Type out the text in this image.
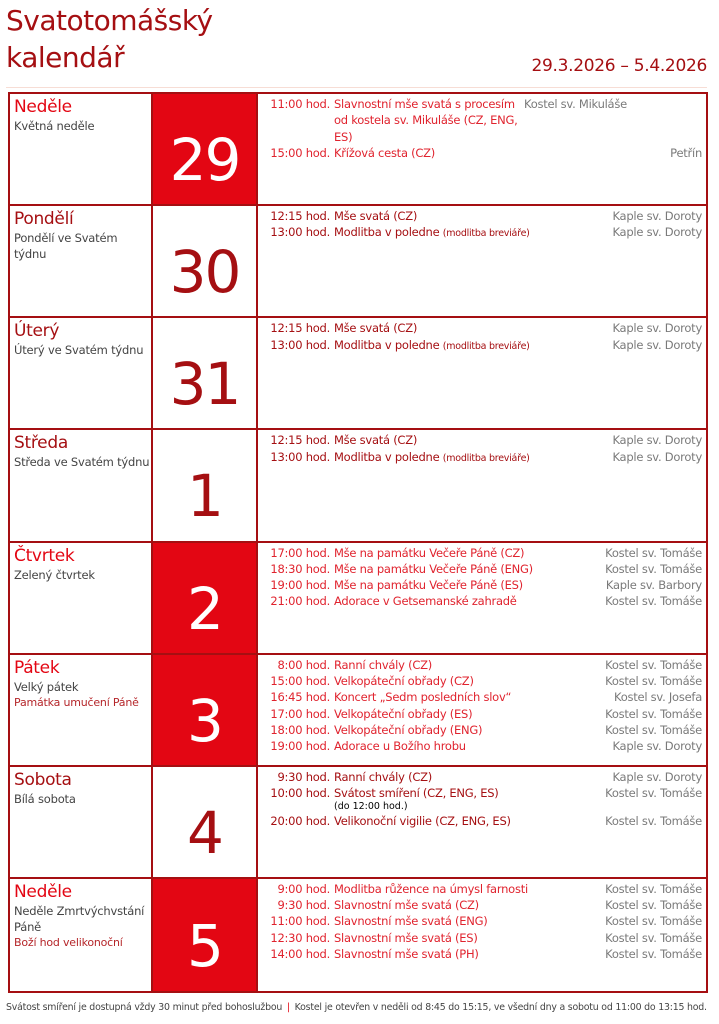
Svatotomášský
kalendář	29.3.2026 – 5.4.2026
Neděle
Květná neděle
29
11:00 hod. Slavnostní mše svatá s procesím od kostela sv. Mikuláše (CZ, ENG, ES)
Kostel sv. Mikuláše
15:00 hod. Křížová cesta (CZ)	Petřín
Pondělí
Pondělí ve Svatém týdnu	30
12:15 hod. Mše svatá (CZ)	Kaple sv. Doroty
13:00 hod. Modlitba v poledne (modlitba breviáře)	Kaple sv. Doroty
Úterý
Úterý ve Svatém týdnu
31
12:15 hod. Mše svatá (CZ)	Kaple sv. Doroty
13:00 hod. Modlitba v poledne (modlitba breviáře)	Kaple sv. Doroty
Středa
Středa ve Svatém týdnu
1
12:15 hod. Mše svatá (CZ)	Kaple sv. Doroty
13:00 hod. Modlitba v poledne (modlitba breviáře)	Kaple sv. Doroty
Čtvrtek
Zelený čtvrtek
2
17:00 hod. Mše na památku Večeře Páně (CZ)	Kostel sv. Tomáše
18:30 hod. Mše na památku Večeře Páně (ENG)	Kostel sv. Tomáše
19:00 hod. Mše na památku Večeře Páně (ES)	Kaple sv. Barbory
21:00 hod. Adorace v Getsemanské zahradě	Kostel sv. Tomáše
Pátek
Velký pátek
Památka umučení Páně 3
8:00 hod. Ranní chvály (CZ)	Kostel sv. Tomáše
15:00 hod. Velkopáteční obřady (CZ)	Kostel sv. Tomáše
16:45 hod. Koncert „Sedm posledních slov“	Kostel sv. Josefa
17:00 hod. Velkopáteční obřady (ES)	Kostel sv. Tomáše
18:00 hod. Velkopáteční obřady (ENG)	Kostel sv. Tomáše
19:00 hod. Adorace u Božího hrobu	Kaple sv. Doroty
Sobota
Bílá sobota
4
9:30 hod. Ranní chvály (CZ)	Kaple sv. Doroty
10:00 hod. Svátost smíření (CZ, ENG, ES)	Kostel sv. Tomáše
(do 12:00 hod.)
20:00 hod. Velikonoční vigilie (CZ, ENG, ES)	Kostel sv. Tomáše
Neděle
Neděle Zmrtvýchvstání Páně
Boží hod velikonoční	5
9:00 hod. Modlitba růžence na úmysl farnosti	Kostel sv. Tomáše
9:30 hod. Slavnostní mše svatá (CZ)	Kostel sv. Tomáše
11:00 hod. Slavnostní mše svatá (ENG)	Kostel sv. Tomáše
12:30 hod. Slavnostní mše svatá (ES)	Kostel sv. Tomáše
14:00 hod. Slavnostní mše svatá (PH)	Kostel sv. Tomáše
Svátost smíření je dostupná vždy 30 minut před bohoslužbou | Kostel je otevřen v neděli od 8:45 do 15:15, ve všední dny a sobotu od 11:00 do 13:15 hod.
